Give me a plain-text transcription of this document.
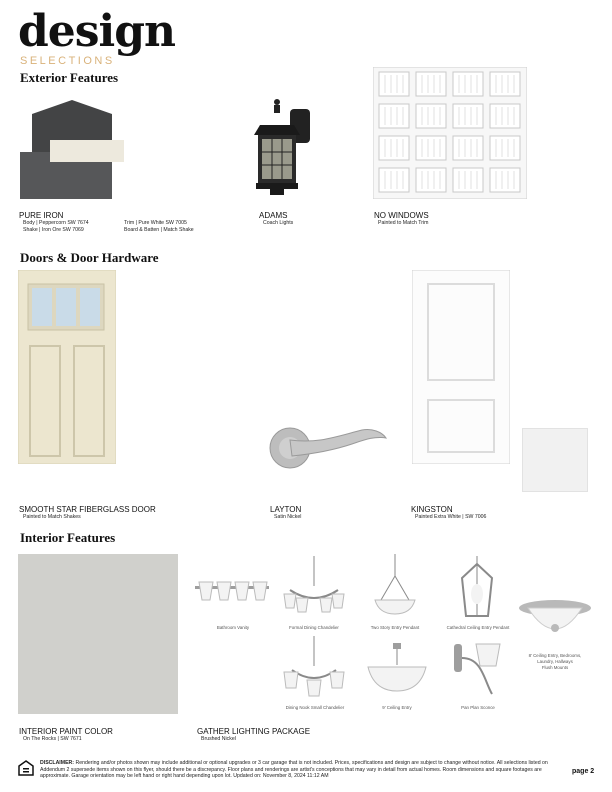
design
SELECTIONS
Exterior Features
PURE IRON
Body | Peppercorn SW 7674
Shake | Iron Ore SW 7069
Trim | Pure White SW 7005
Board & Batten | Match Shake
ADAMS
Coach Lights
NO WINDOWS
Painted to Match Trim
Doors & Door Hardware
SMOOTH STAR FIBERGLASS DOOR
Painted to Match Shakes
LAYTON
Satin Nickel
KINGSTON
Painted Extra White | SW 7006
Interior Features
INTERIOR PAINT COLOR
On The Rocks | SW 7671
Bathroom Vanity	Formal Dining Chandelier	Two Story Entry Pendant	Cathedral Ceiling Entry Pendant
8' Ceiling Entry, Bedrooms,
Laundry, Hallways
Flush Mounts
Dining Nook Small Chandelier	9' Ceiling Entry	Pan Plan Sconce
GATHER LIGHTING PACKAGE
Brushed Nickel
DISCLAIMER: Rendering and/or photos shown may include additional or optional upgrades or 3 car garage that is not included. Prices, specifications and design are subject to change without notice. All selections listed on Addendum 2 supersede items shown on this flyer, should there be a discrepancy. Floor plans and renderings are artist's conceptions that may vary in detail from actual homes. Room dimensions and square footages are approximate. Garage orientation may be left hand or right hand depending upon lot. Updated on: November 8, 2024 11:12 AM
page 2
